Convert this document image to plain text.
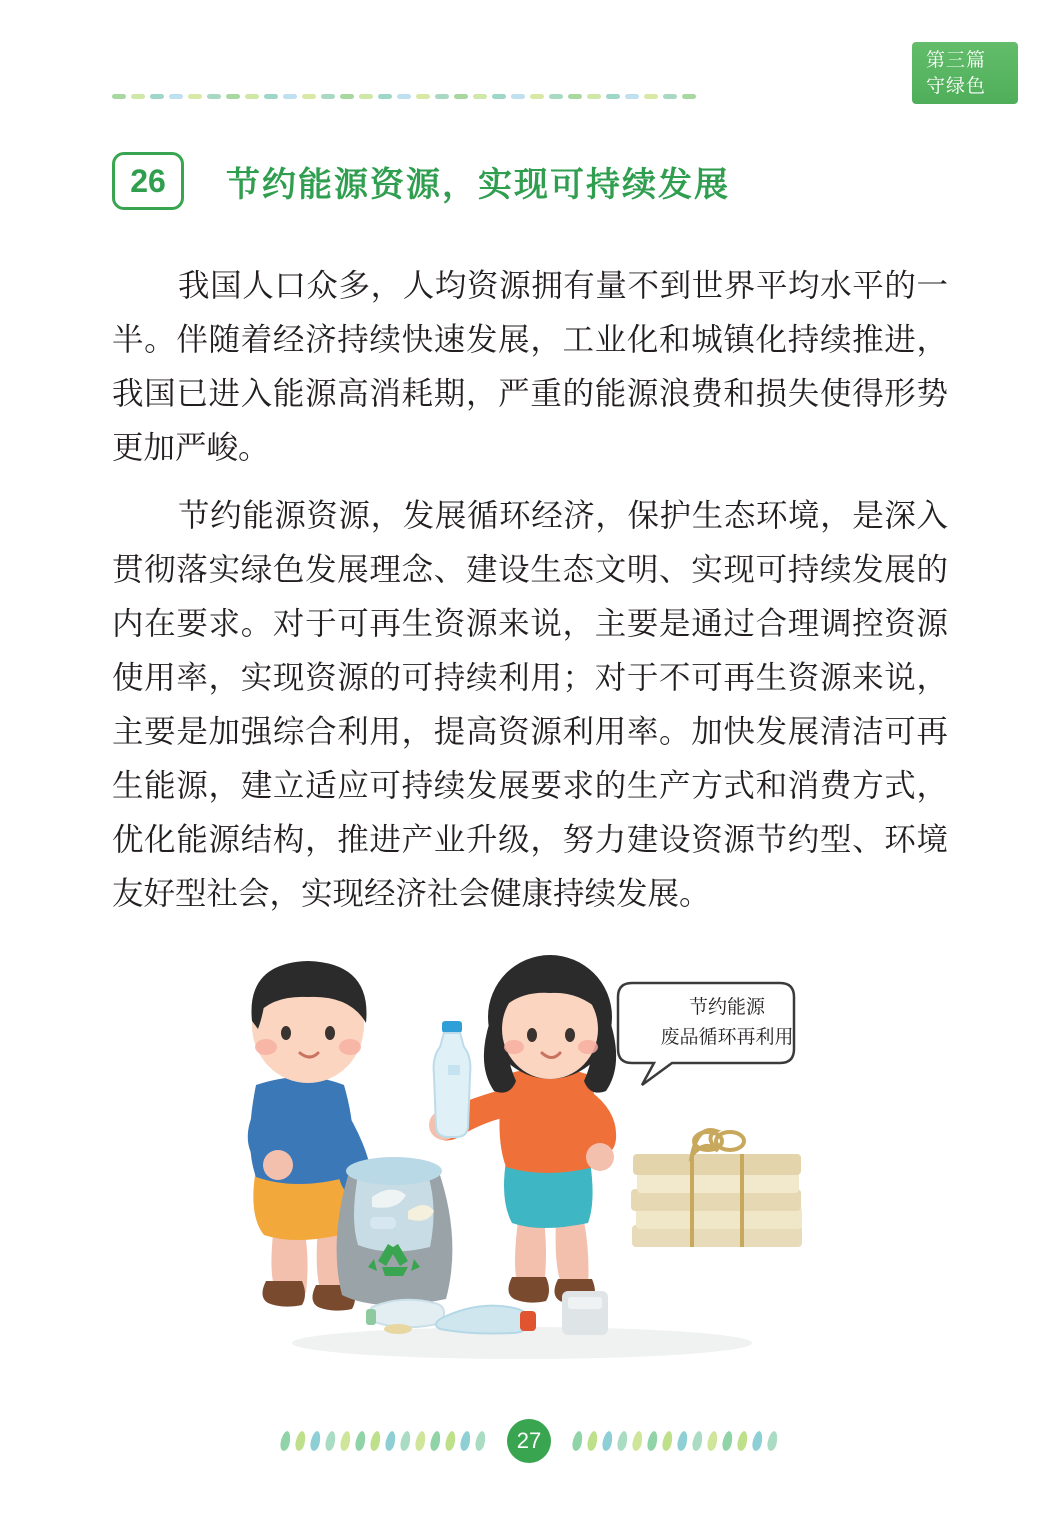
第三篇
守绿色
26	节约能源资源，实现可持续发展

我国人口众多，人均资源拥有量不到世界平均水平的一半。伴随着经济持续快速发展，工业化和城镇化持续推进，我国已进入能源高消耗期，严重的能源浪费和损失使得形势更加严峻。

节约能源资源，发展循环经济，保护生态环境，是深入贯彻落实绿色发展理念、建设生态文明、实现可持续发展的内在要求。对于可再生资源来说，主要是通过合理调控资源使用率，实现资源的可持续利用；对于不可再生资源来说，主要是加强综合利用，提高资源利用率。加快发展清洁可再生能源，建立适应可持续发展要求的生产方式和消费方式，优化能源结构，推进产业升级，努力建设资源节约型、环境友好型社会，实现经济社会健康持续发展。

节约能源
废品循环再利用
27
